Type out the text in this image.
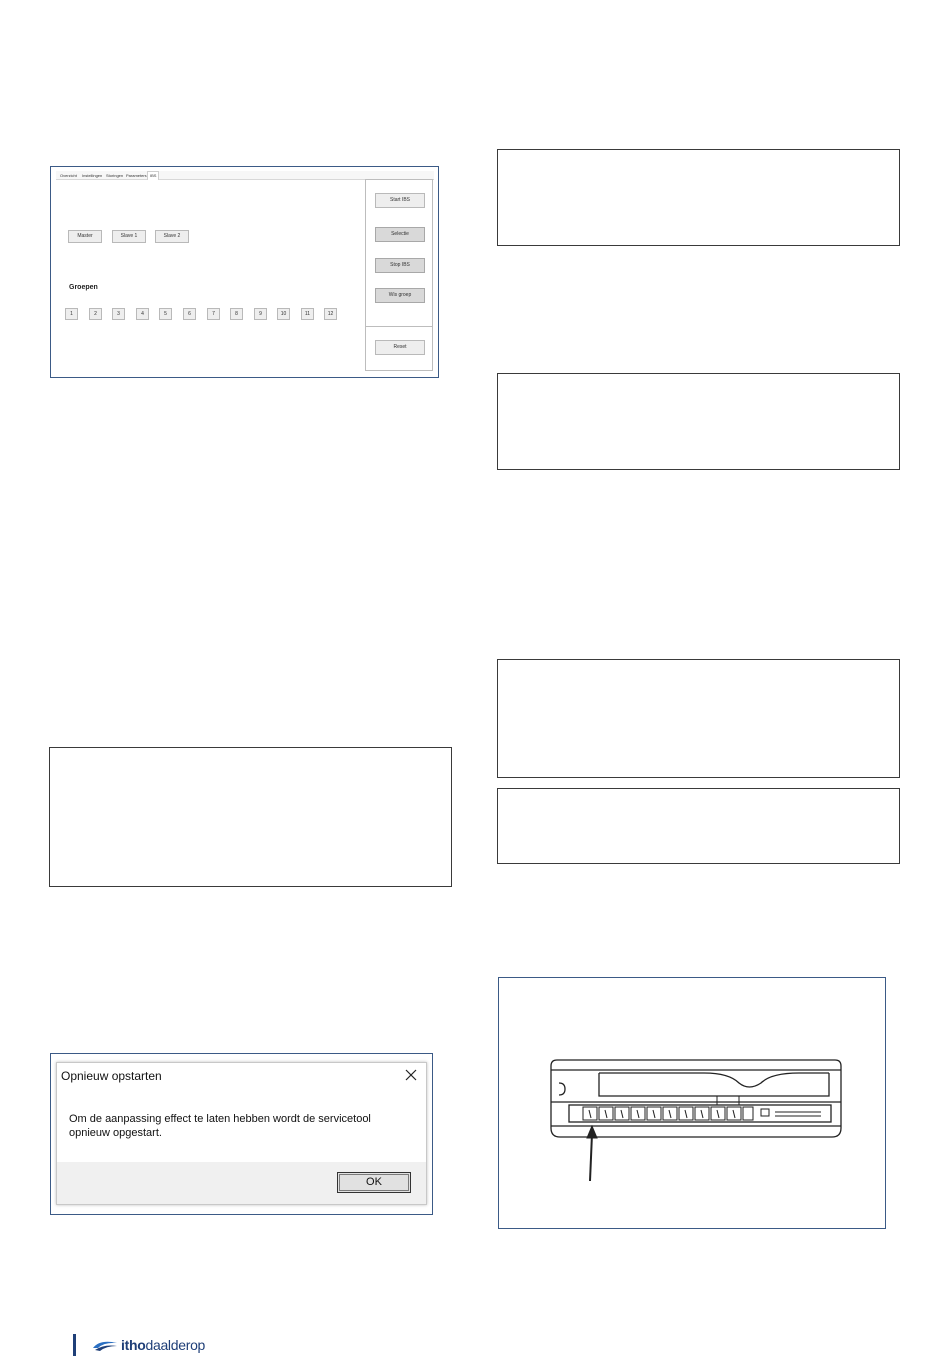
Overzicht	Instellingen Storingen Parameters IBS
Master	Slave 1	Slave 2
Groepen
1	2	3	4	5	6	7	8	9	10	11	12
Start IBS
Selectie
Stop IBS
Wis groep
Reset
Opnieuw opstarten
Om de aanpassing effect te laten hebben wordt de servicetool opnieuw opgestart.
OK
ithodaalderop
